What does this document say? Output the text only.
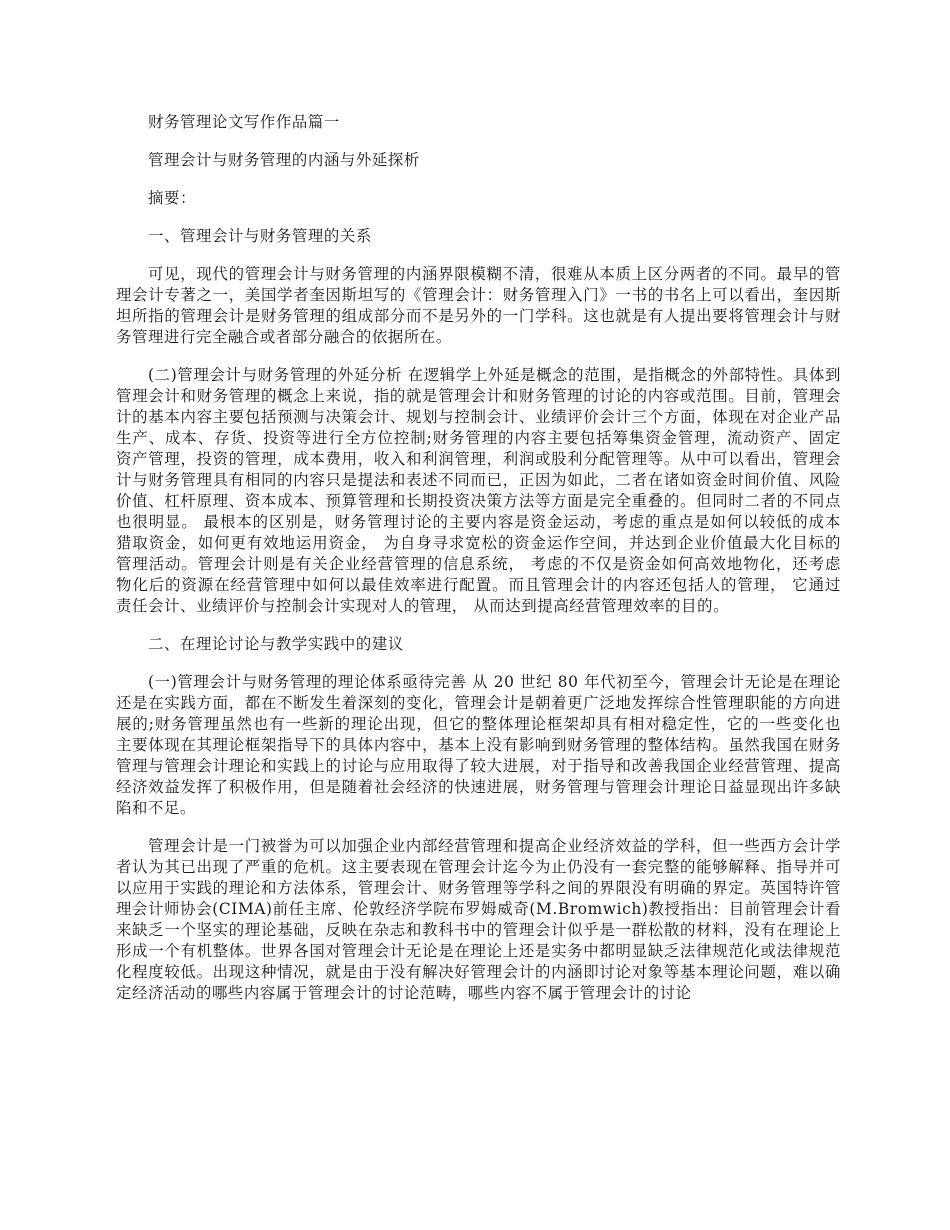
财务管理论文写作作品篇一
管理会计与财务管理的内涵与外延探析
摘要：
一、管理会计与财务管理的关系
可见，现代的管理会计与财务管理的内涵界限模糊不清，很难从本质上区分两者的不同。最早的管理会计专著之一，美国学者奎因斯坦写的《管理会计：财务管理入门》一书的书名上可以看出，奎因斯坦所指的管理会计是财务管理的组成部分而不是另外的一门学科。这也就是有人提出要将管理会计与财务管理进行完全融合或者部分融合的依据所在。
(二)管理会计与财务管理的外延分析 在逻辑学上外延是概念的范围，是指概念的外部特性。具体到管理会计和财务管理的概念上来说，指的就是管理会计和财务管理的讨论的内容或范围。目前，管理会计的基本内容主要包括预测与决策会计、规划与控制会计、业绩评价会计三个方面，体现在对企业产品生产、成本、存货、投资等进行全方位控制;财务管理的内容主要包括筹集资金管理，流动资产、固定资产管理，投资的管理，成本费用，收入和利润管理，利润或股利分配管理等。从中可以看出，管理会计与财务管理具有相同的内容只是提法和表述不同而已，正因为如此，二者在诸如资金时间价值、风险价值、杠杆原理、资本成本、预算管理和长期投资决策方法等方面是完全重叠的。但同时二者的不同点也很明显。 最根本的区别是，财务管理讨论的主要内容是资金运动，考虑的重点是如何以较低的成本猎取资金，如何更有效地运用资金， 为自身寻求宽松的资金运作空间，并达到企业价值最大化目标的管理活动。管理会计则是有关企业经营管理的信息系统， 考虑的不仅是资金如何高效地物化，还考虑物化后的资源在经营管理中如何以最佳效率进行配置。而且管理会计的内容还包括人的管理， 它通过责任会计、业绩评价与控制会计实现对人的管理， 从而达到提高经营管理效率的目的。
二、在理论讨论与教学实践中的建议
(一)管理会计与财务管理的理论体系亟待完善 从 20 世纪 80 年代初至今，管理会计无论是在理论还是在实践方面，都在不断发生着深刻的变化，管理会计是朝着更广泛地发挥综合性管理职能的方向进展的;财务管理虽然也有一些新的理论出现，但它的整体理论框架却具有相对稳定性，它的一些变化也主要体现在其理论框架指导下的具体内容中，基本上没有影响到财务管理的整体结构。虽然我国在财务管理与管理会计理论和实践上的讨论与应用取得了较大进展，对于指导和改善我国企业经营管理、提高经济效益发挥了积极作用，但是随着社会经济的快速进展，财务管理与管理会计理论日益显现出许多缺陷和不足。
管理会计是一门被誉为可以加强企业内部经营管理和提高企业经济效益的学科，但一些西方会计学者认为其已出现了严重的危机。这主要表现在管理会计迄今为止仍没有一套完整的能够解释、指导并可以应用于实践的理论和方法体系，管理会计、财务管理等学科之间的界限没有明确的界定。英国特许管理会计师协会(CIMA)前任主席、伦敦经济学院布罗姆威奇(M.Bromwich)教授指出：目前管理会计看来缺乏一个坚实的理论基础，反映在杂志和教科书中的管理会计似乎是一群松散的材料，没有在理论上形成一个有机整体。世界各国对管理会计无论是在理论上还是实务中都明显缺乏法律规范化或法律规范化程度较低。出现这种情况，就是由于没有解决好管理会计的内涵即讨论对象等基本理论问题，难以确定经济活动的哪些内容属于管理会计的讨论范畴，哪些内容不属于管理会计的讨论
